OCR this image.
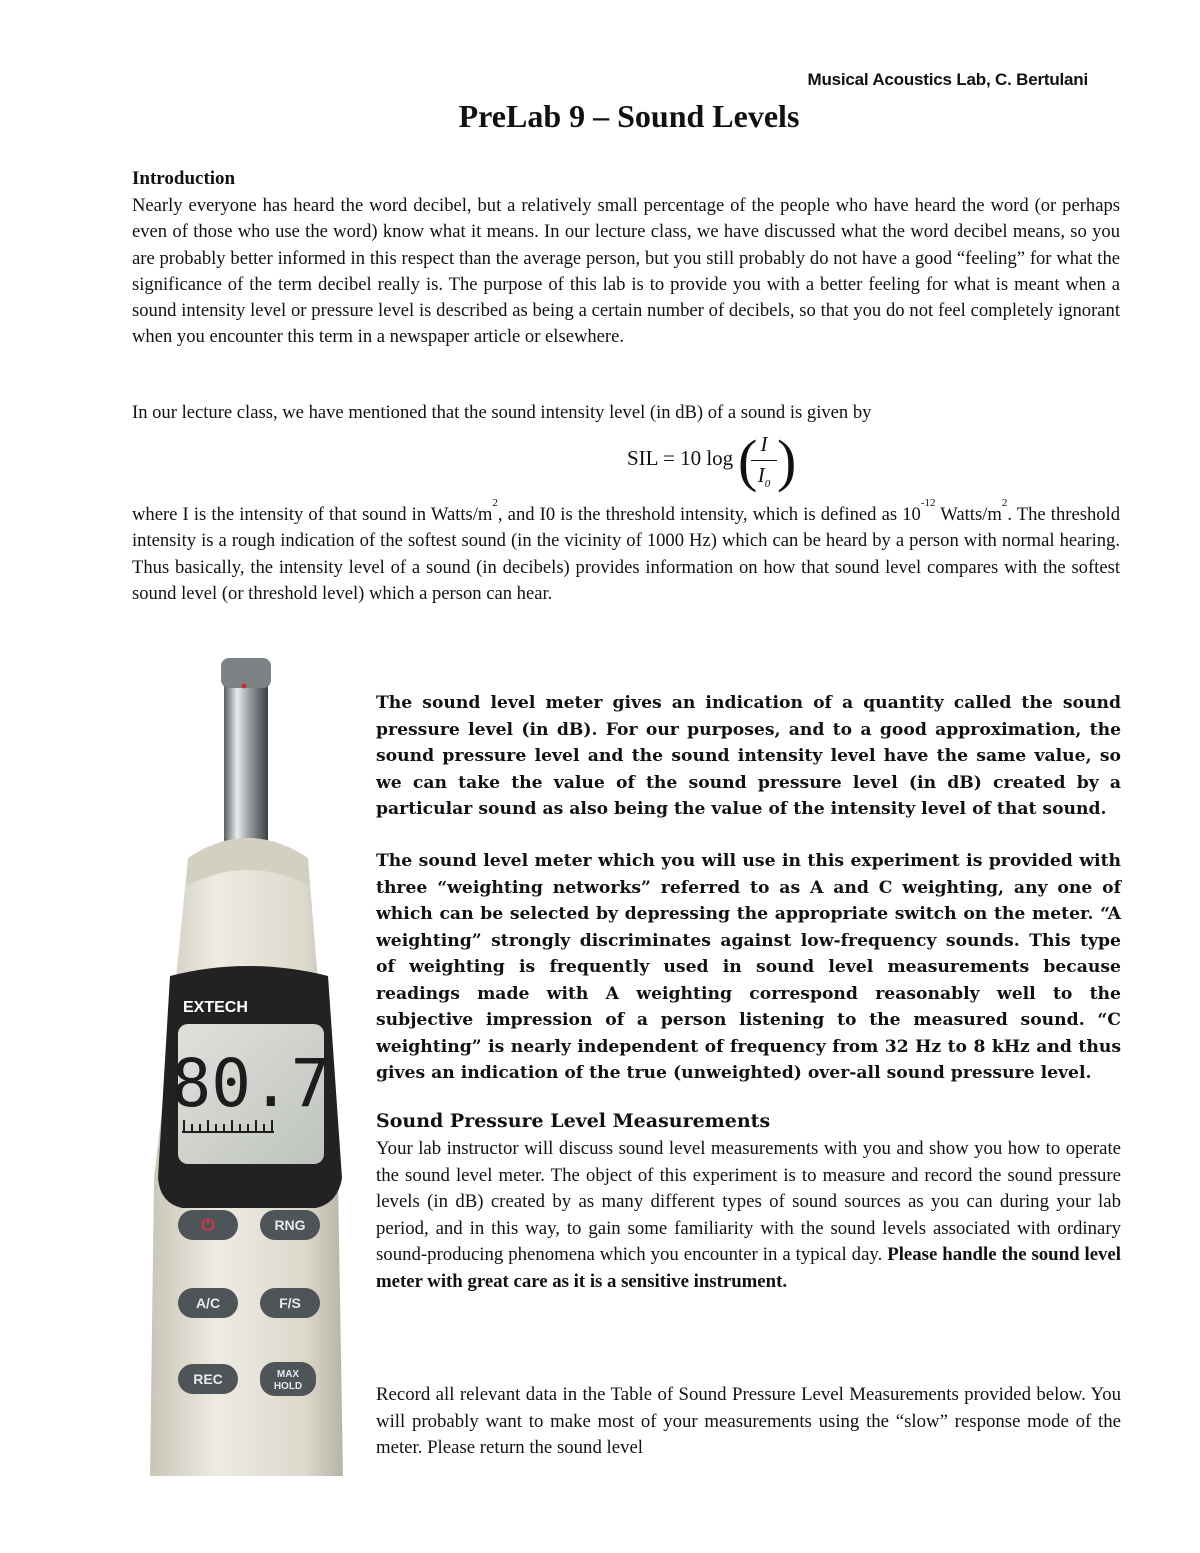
Musical Acoustics Lab, C. Bertulani
PreLab 9 – Sound Levels
Introduction
Nearly everyone has heard the word decibel, but a relatively small percentage of the people who have heard the word (or perhaps even of those who use the word) know what it means. In our lecture class, we have discussed what the word decibel means, so you are probably better informed in this respect than the average person, but you still probably do not have a good “feeling” for what the significance of the term decibel really is. The purpose of this lab is to provide you with a better feeling for what is meant when a sound intensity level or pressure level is described as being a certain number of decibels, so that you do not feel completely ignorant when you encounter this term in a newspaper article or elsewhere.
In our lecture class, we have mentioned that the sound intensity level (in dB) of a sound is given by
SIL = 10 log ( I
$I_0$ )
where I is the intensity of that sound in Watts/$m^2$, and I0 is the threshold intensity, which is defined as $10^{-12}$ Watts/$m^2$. The threshold intensity is a rough indication of the softest sound (in the vicinity of 1000 Hz) which can be heard by a person with normal hearing. Thus basically, the intensity level of a sound (in decibels) provides information on how that sound level compares with the softest sound level (or threshold level) which a person can hear.
EXTECH
80.7
⏻	RNG
A/C	F/S
REC	MAX
HOLD
The sound level meter gives an indication of a quantity called the sound pressure level (in dB). For our purposes, and to a good approximation, the sound pressure level and the sound intensity level have the same value, so we can take the value of the sound pressure level (in dB) created by a particular sound as also being the value of the intensity level of that sound.
The sound level meter which you will use in this experiment is provided with three “weighting networks” referred to as A and C weighting, any one of which can be selected by depressing the appropriate switch on the meter. “A weighting” strongly discriminates against low-frequency sounds. This type of weighting is frequently used in sound level measurements because readings made with A weighting correspond reasonably well to the subjective impression of a person listening to the measured sound. “C weighting” is nearly independent of frequency from 32 Hz to 8 kHz and thus gives an indication of the true (unweighted) over-all sound pressure level.
Sound Pressure Level Measurements
Your lab instructor will discuss sound level measurements with you and show you how to operate the sound level meter. The object of this experiment is to measure and record the sound pressure levels (in dB) created by as many different types of sound sources as you can during your lab period, and in this way, to gain some familiarity with the sound levels associated with ordinary sound-producing phenomena which you encounter in a typical day. Please handle the sound level meter with great care as it is a sensitive instrument.
Record all relevant data in the Table of Sound Pressure Level Measurements provided below. You will probably want to make most of your measurements using the “slow” response mode of the meter. Please return the sound level
